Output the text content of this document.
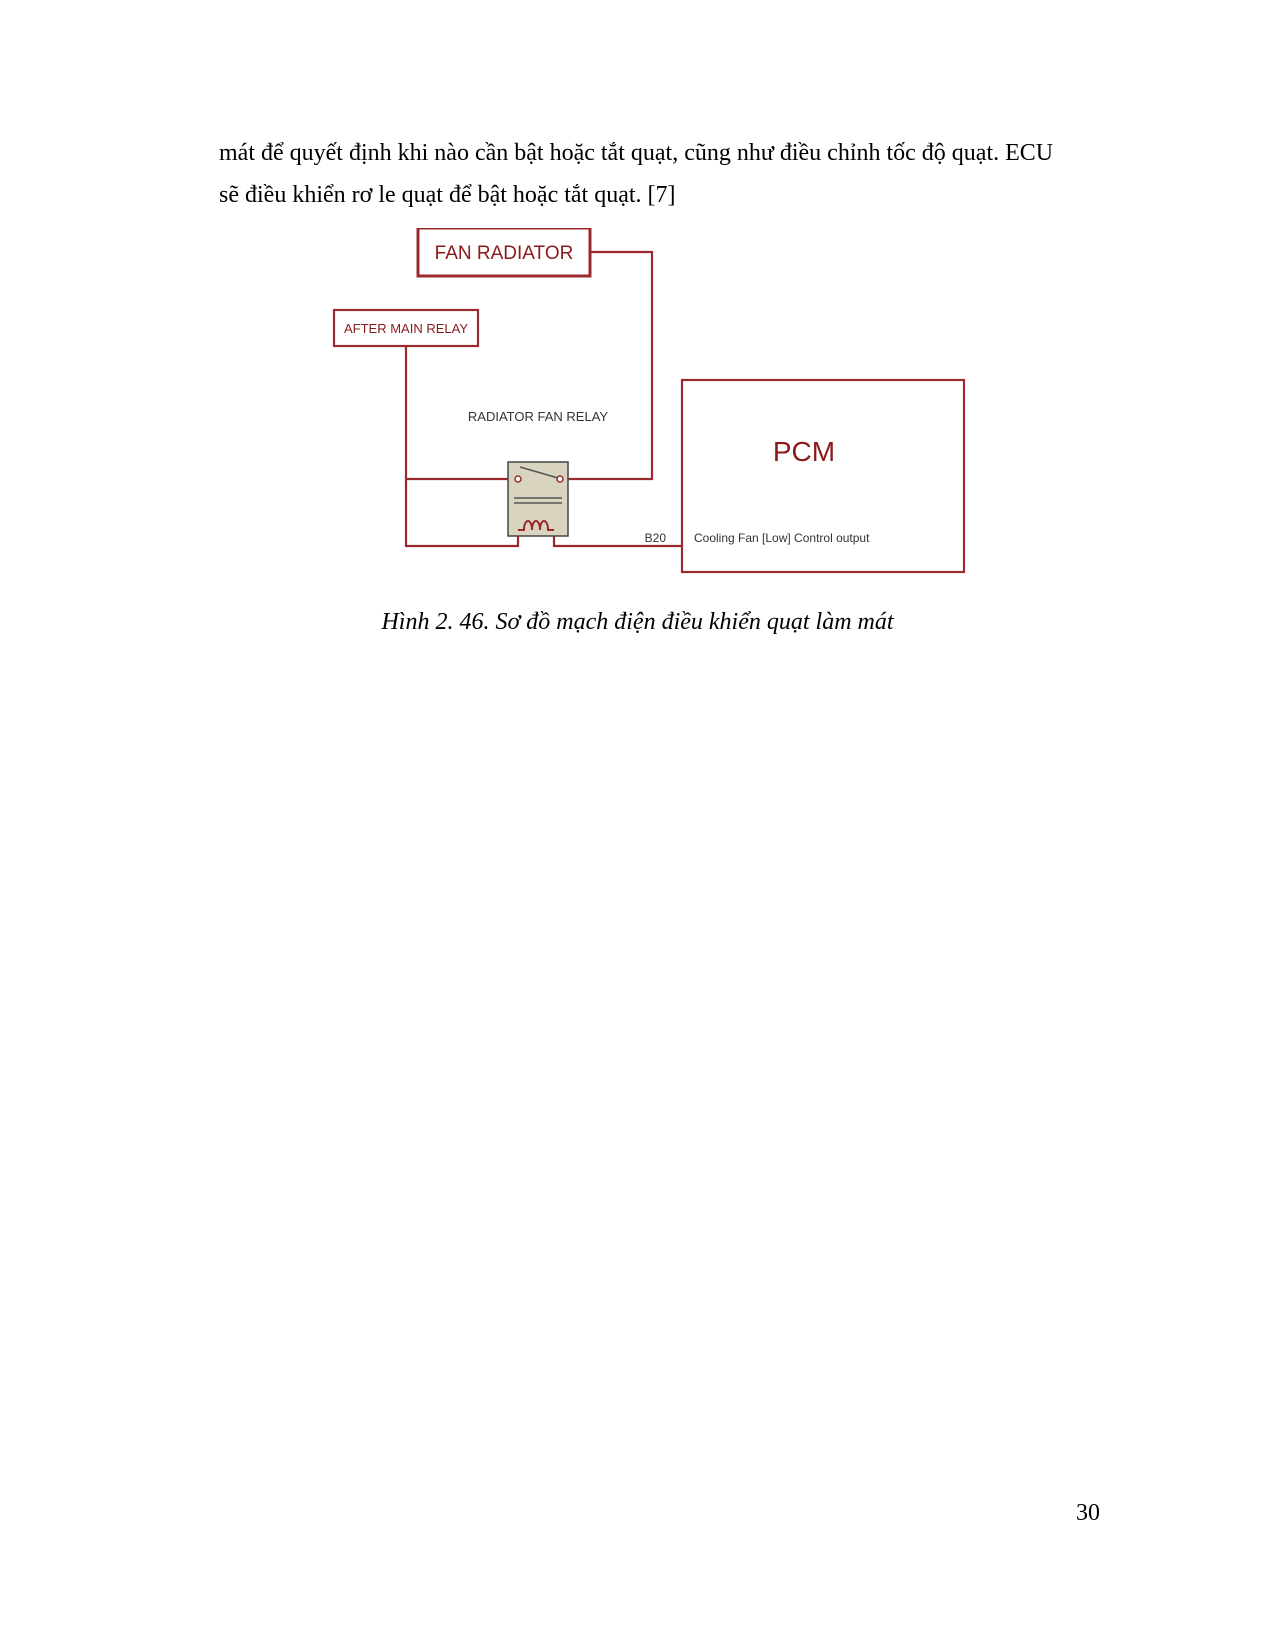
mát để quyết định khi nào cần bật hoặc tắt quạt, cũng như điều chỉnh tốc độ quạt. ECU
sẽ điều khiển rơ le quạt để bật hoặc tắt quạt. [7]
FAN RADIATOR
AFTER MAIN RELAY
RADIATOR FAN RELAY
PCM
B20 Cooling Fan [Low] Control output
Hình 2. 46. Sơ đồ mạch điện điều khiển quạt làm mát
30
